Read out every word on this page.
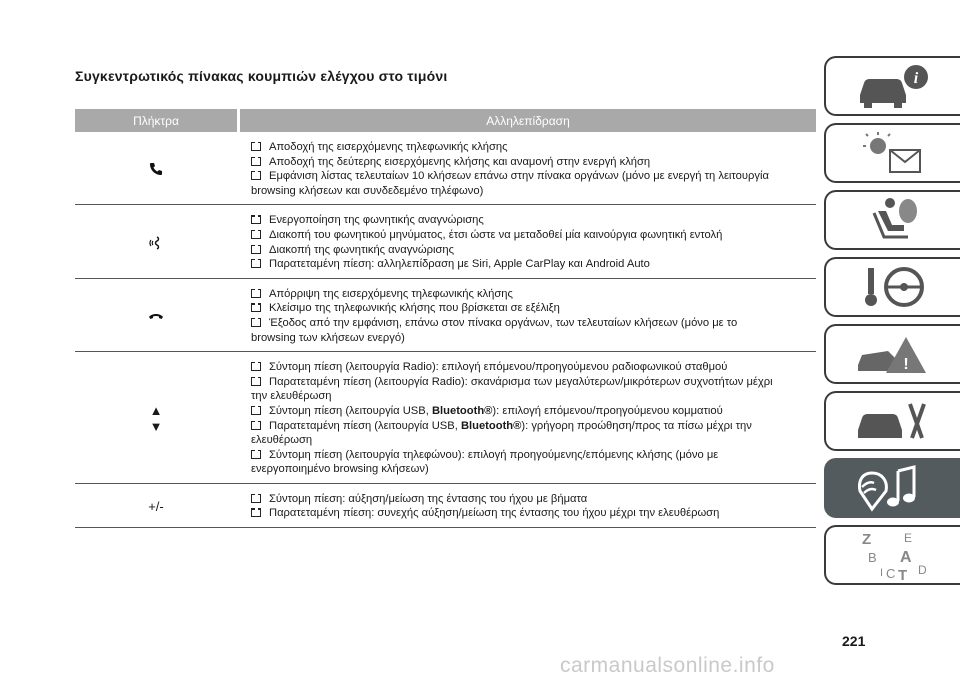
Συγκεντρωτικός πίνακας κουμπιών ελέγχου στο τιμόνι
Πλήκτρα	Αλληλεπίδραση
Αποδοχή της εισερχόμενης τηλεφωνικής κλήσης
Αποδοχή της δεύτερης εισερχόμενης κλήσης και αναμονή στην ενεργή κλήση
Εμφάνιση λίστας τελευταίων 10 κλήσεων επάνω στην πίνακα οργάνων (μόνο με ενεργή τη λειτουργία
browsing κλήσεων και συνδεδεμένο τηλέφωνο)
Ενεργοποίηση της φωνητικής αναγνώρισης
Διακοπή του φωνητικού μηνύματος, έτσι ώστε να μεταδοθεί μία καινούργια φωνητική εντολή
Διακοπή της φωνητικής αναγνώρισης
Παρατεταμένη πίεση: αλληλεπίδραση με Siri, Apple CarPlay και Android Auto
Απόρριψη της εισερχόμενης τηλεφωνικής κλήσης
Κλείσιμο της τηλεφωνικής κλήσης που βρίσκεται σε εξέλιξη
Έξοδος από την εμφάνιση, επάνω στον πίνακα οργάνων, των τελευταίων κλήσεων (μόνο με το
browsing των κλήσεων ενεργό)
▲
▼
Σύντομη πίεση (λειτουργία Radio): επιλογή επόμενου/προηγούμενου ραδιοφωνικού σταθμού
Παρατεταμένη πίεση (λειτουργία Radio): σκανάρισμα των μεγαλύτερων/μικρότερων συχνοτήτων μέχρι
την ελευθέρωση
Σύντομη πίεση (λειτουργία USB, Bluetooth®): επιλογή επόμενου/προηγούμενου κομματιού
Παρατεταμένη πίεση (λειτουργία USB, Bluetooth®): γρήγορη προώθηση/προς τα πίσω μέχρι την
ελευθέρωση
Σύντομη πίεση (λειτουργία τηλεφώνου): επιλογή προηγούμενης/επόμενης κλήσης (μόνο με
ενεργοποιημένο browsing κλήσεων)
+/-
Σύντομη πίεση: αύξηση/μείωση της έντασης του ήχου με βήματα
Παρατεταμένη πίεση: συνεχής αύξηση/μείωση της έντασης του ήχου μέχρι την ελευθέρωση
i
!
Z	E
B A
I C T D
221
carmanualsonline.info
